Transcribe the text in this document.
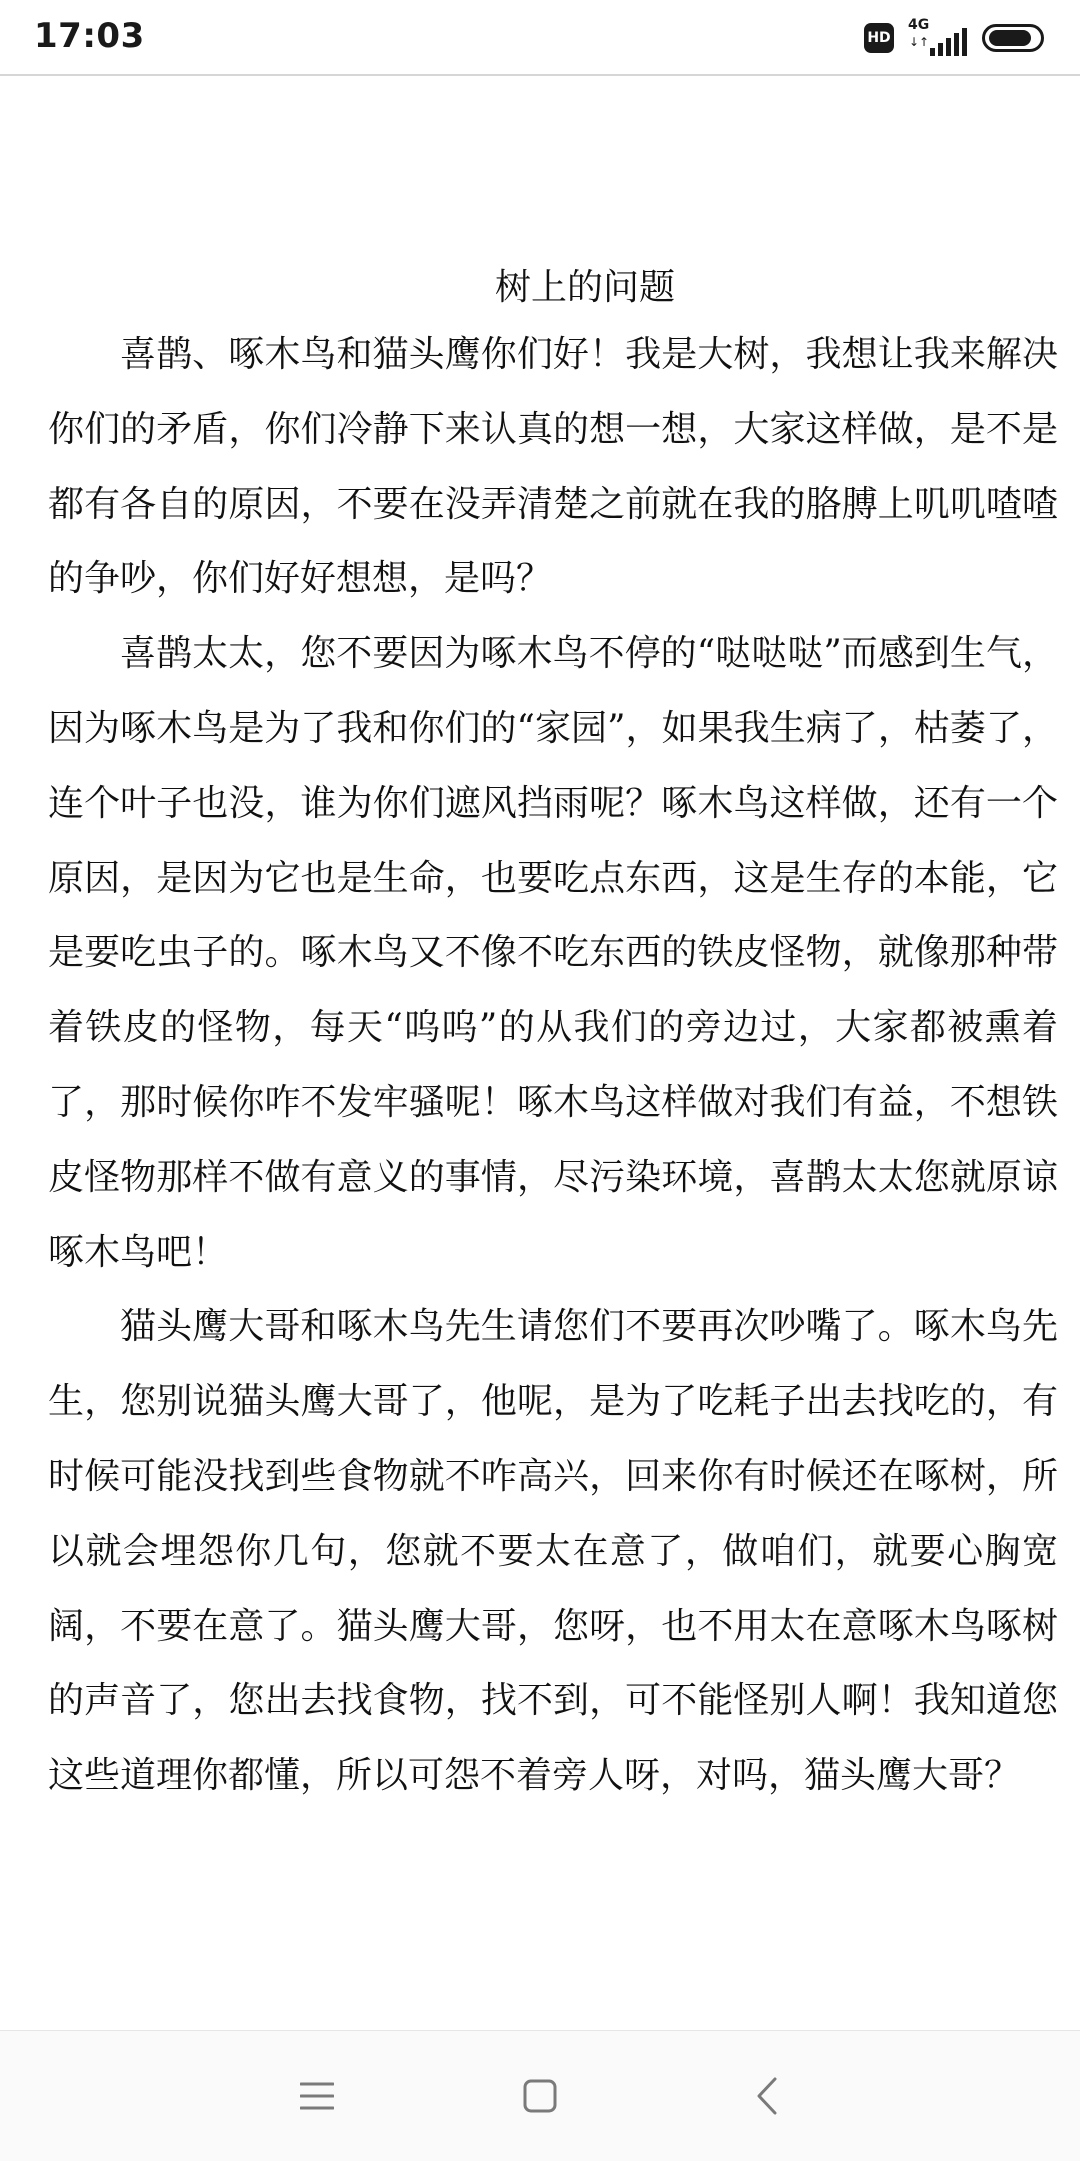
17:03	HD
4G
↓↑
树上的问题

喜鹊、啄木鸟和猫头鹰你们好！我是大树，我想让我来解决你们的矛盾，你们冷静下来认真的想一想，大家这样做，是不是都有各自的原因，不要在没弄清楚之前就在我的胳膊上叽叽喳喳的争吵，你们好好想想，是吗？

喜鹊太太，您不要因为啄木鸟不停的“哒哒哒”而感到生气，因为啄木鸟是为了我和你们的“家园”，如果我生病了，枯萎了，连个叶子也没，谁为你们遮风挡雨呢？啄木鸟这样做，还有一个原因，是因为它也是生命，也要吃点东西，这是生存的本能，它是要吃虫子的。啄木鸟又不像不吃东西的铁皮怪物，就像那种带着铁皮的怪物，每天“呜呜”的从我们的旁边过，大家都被熏着了，那时候你咋不发牢骚呢！啄木鸟这样做对我们有益，不想铁皮怪物那样不做有意义的事情，尽污染环境，喜鹊太太您就原谅啄木鸟吧！

猫头鹰大哥和啄木鸟先生请您们不要再次吵嘴了。啄木鸟先生，您别说猫头鹰大哥了，他呢，是为了吃耗子出去找吃的，有时候可能没找到些食物就不咋高兴，回来你有时候还在啄树，所以就会埋怨你几句，您就不要太在意了，做咱们，就要心胸宽阔，不要在意了。猫头鹰大哥，您呀，也不用太在意啄木鸟啄树的声音了，您出去找食物，找不到，可不能怪别人啊！我知道您这些道理你都懂，所以可怨不着旁人呀，对吗，猫头鹰大哥？
